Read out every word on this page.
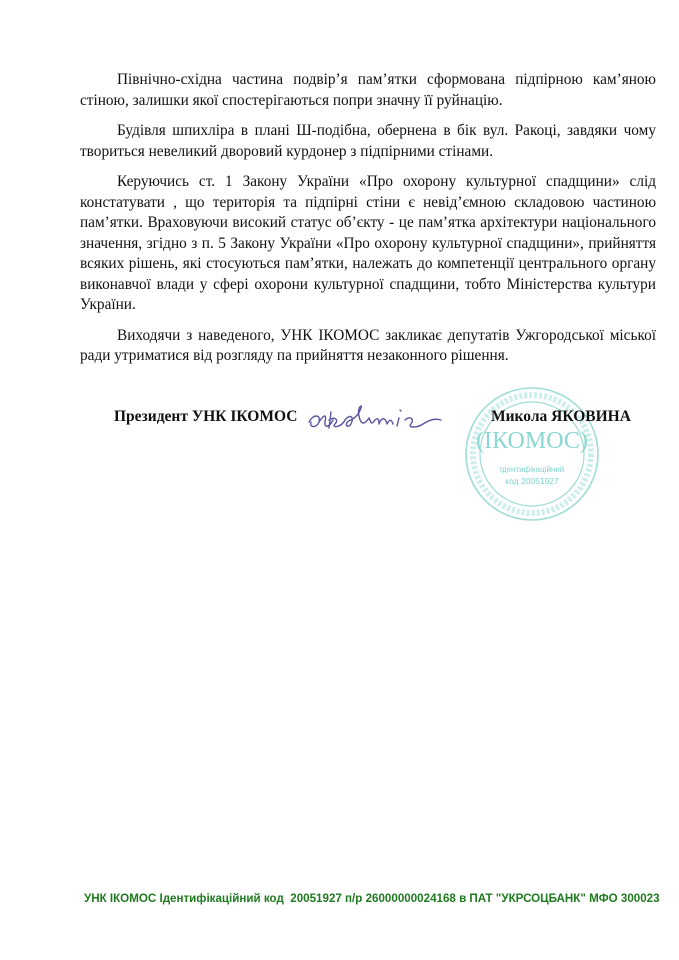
Північно-східна частина подвір’я пам’ятки сформована підпірною кам’яною стіною, залишки якої спостерігаються попри значну її руйнацію.

Будівля шпихліра в плані Ш-подібна, обернена в бік вул. Ракоці, завдяки чому твориться невеликий дворовий курдонер з підпірними стінами.

Керуючись ст. 1 Закону України «Про охорону культурної спадщини» слід констатувати , що територія та підпірні стіни є невід’ємною складовою частиною пам’ятки. Враховуючи високий статус об’єкту - це пам’ятка архітектури національного значення, згідно з п. 5 Закону України «Про охорону культурної спадщини», прийняття всяких рішень, які стосуються пам’ятки, належать до компетенції центрального органу виконавчої влади у сфері охорони культурної спадщини, тобто Міністерства культури України.

Виходячи з наведеного, УНК ІКОМОС закликає депутатів Ужгородської міської ради утриматися від розгляду па прийняття незаконного рішення.

Президент УНК ІКОМОС	Микола ЯКОВИНА
(ІКОМОС)
Ідентифікаційний
код 20051927
УНК ІКОМОС Ідентифікаційний код  20051927 п/р 26000000024168 в ПАТ "УКРСОЦБАНК" МФО 300023
